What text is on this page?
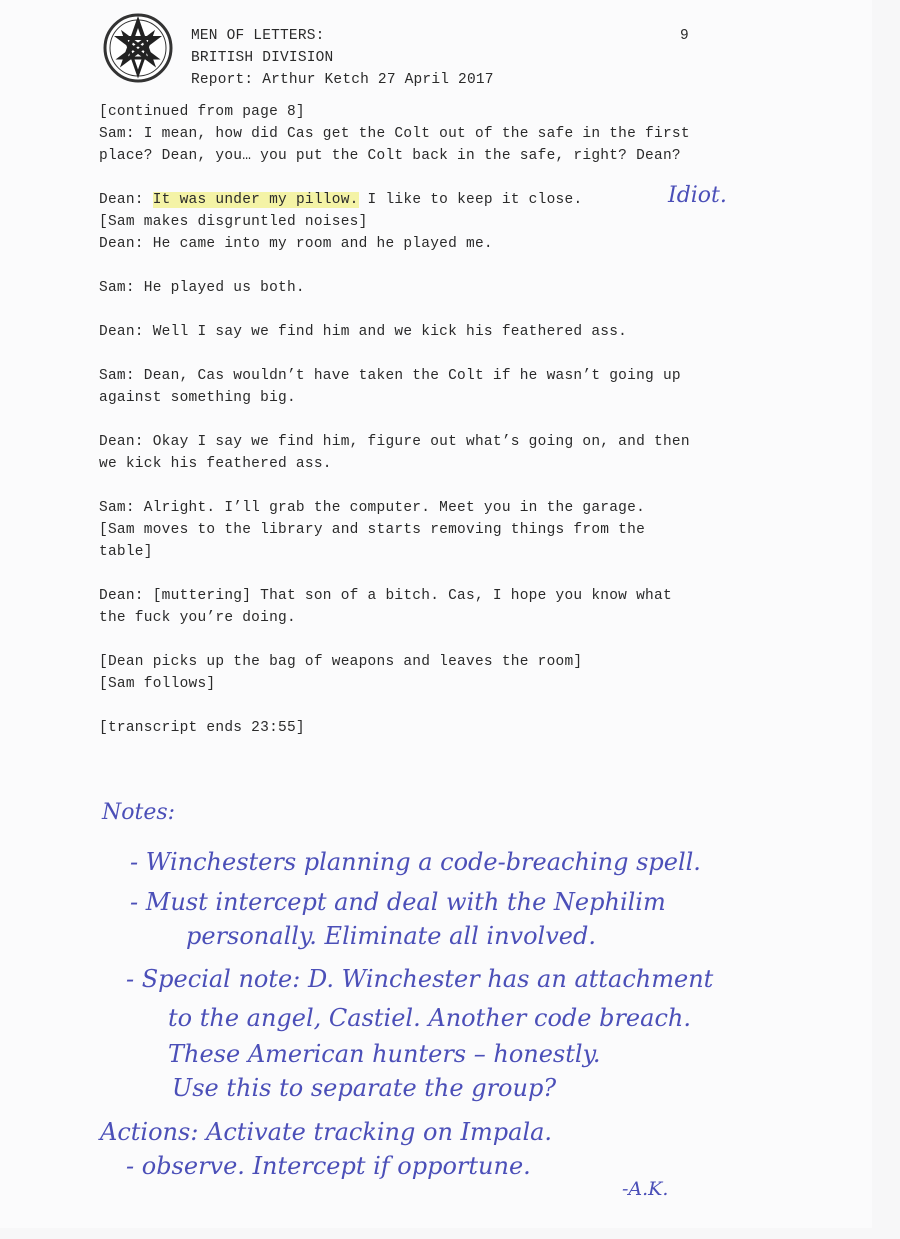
MEN OF LETTERS:
BRITISH DIVISION
Report: Arthur Ketch 27 April 2017
9
[continued from page 8]
Sam: I mean, how did Cas get the Colt out of the safe in the first
place? Dean, you… you put the Colt back in the safe, right? Dean?
Dean: It was under my pillow. I like to keep it close.	Idiot.
[Sam makes disgruntled noises]
Dean: He came into my room and he played me.
Sam: He played us both.
Dean: Well I say we find him and we kick his feathered ass.
Sam: Dean, Cas wouldn’t have taken the Colt if he wasn’t going up
against something big.
Dean: Okay I say we find him, figure out what’s going on, and then
we kick his feathered ass.
Sam: Alright. I’ll grab the computer. Meet you in the garage.
[Sam moves to the library and starts removing things from the
table]
Dean: [muttering] That son of a bitch. Cas, I hope you know what
the fuck you’re doing.
[Dean picks up the bag of weapons and leaves the room]
[Sam follows]
[transcript ends 23:55]
Notes:
- Winchesters planning a code-breaching spell.
- Must intercept and deal with the Nephilim
personally. Eliminate all involved.
- Special note: D. Winchester has an attachment
to the angel, Castiel. Another code breach.
These American hunters – honestly.
Use this to separate the group?
Actions: Activate tracking on Impala.
- observe. Intercept if opportune.
-A.K.
